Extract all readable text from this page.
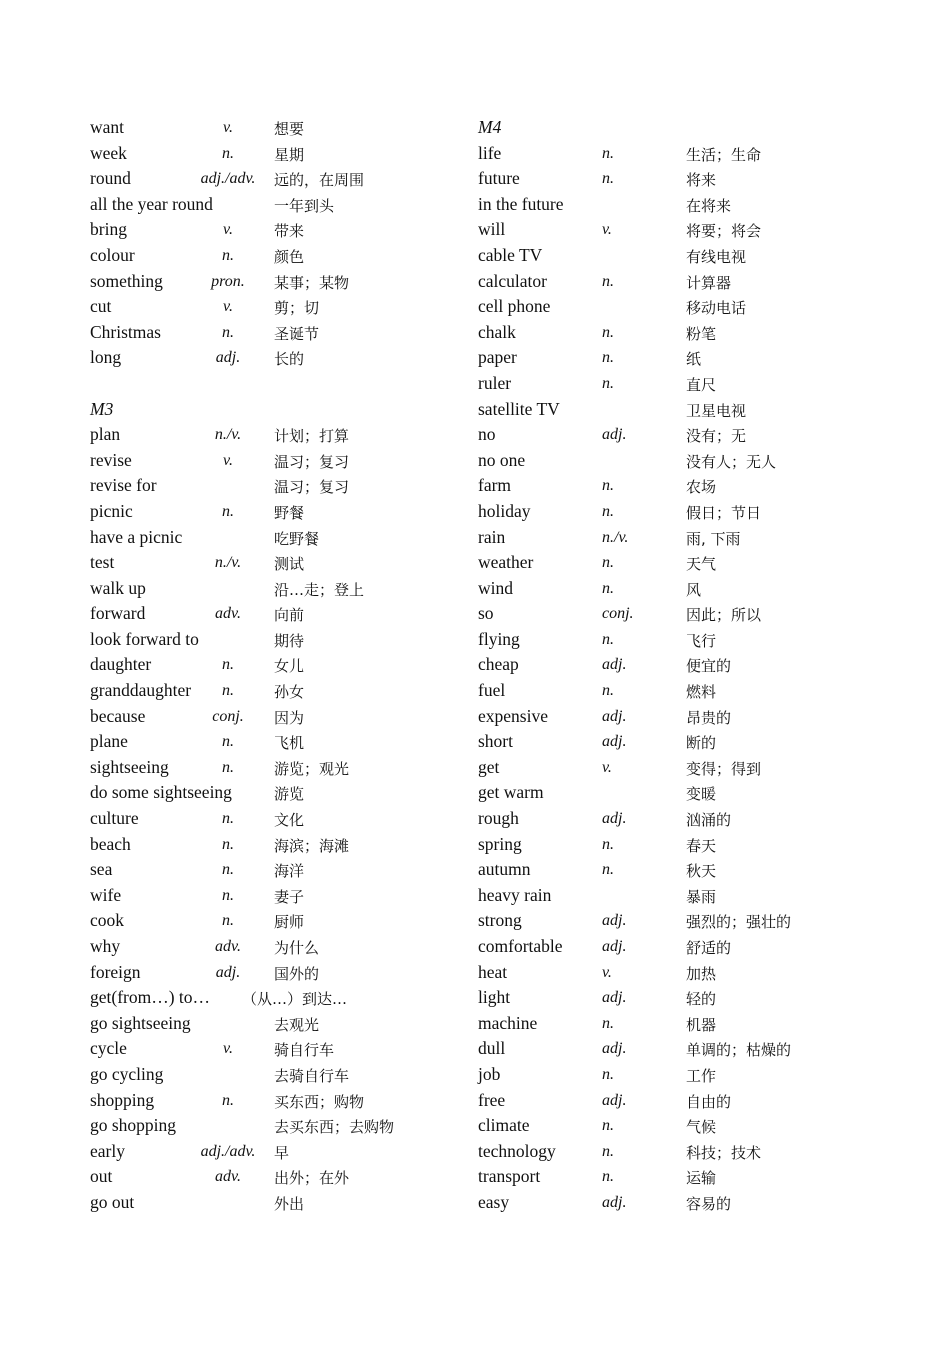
want	v.	想要
week	n.	星期
round	adj./adv. 远的，在周围
all the year round	一年到头
bring	v.	带来
colour	n.	颜色
something	pron.	某事；某物
cut	v.	剪；切
Christmas	n.	圣诞节
long	adj.	长的
M3
plan	n./v.	计划；打算
revise	v.	温习；复习
revise for	温习；复习
picnic	n.	野餐
have a picnic	吃野餐
test	n./v.	测试
walk up	沿…走；登上
forward	adv.	向前
look forward to	期待
daughter	n.	女儿
granddaughter	n.	孙女
because	conj.	因为
plane	n.	飞机
sightseeing	n.	游览；观光
do some sightseeing	游览
culture	n.	文化
beach	n.	海滨；海滩
sea	n.	海洋
wife	n.	妻子
cook	n.	厨师
why	adv.	为什么
foreign	adj.	国外的
get(from…) to… （从…）到达…
go sightseeing	去观光
cycle	v.	骑自行车
go cycling	去骑自行车
shopping	n.	买东西；购物
go shopping	去买东西；去购物
early	adj./adv. 早
out	adv.	出外；在外
go out	外出
M4
life	n.	生活；生命
future	n.	将来
in the future	在将来
will	v.	将要；将会
cable TV	有线电视
calculator	n.	计算器
cell phone	移动电话
chalk	n.	粉笔
paper	n.	纸
ruler	n.	直尺
satellite TV	卫星电视
no	adj.	没有；无
no one	没有人；无人
farm	n.	农场
holiday	n.	假日；节日
rain	n./v.	雨, 下雨
weather	n.	天气
wind	n.	风
so	conj.	因此；所以
flying	n.	飞行
cheap	adj.	便宜的
fuel	n.	燃料
expensive	adj.	昂贵的
short	adj.	断的
get	v.	变得；得到
get warm	变暖
rough	adj.	汹涌的
spring	n.	春天
autumn	n.	秋天
heavy rain	暴雨
strong	adj.	强烈的；强壮的
comfortable adj.	舒适的
heat	v.	加热
light	adj.	轻的
machine	n.	机器
dull	adj.	单调的；枯燥的
job	n.	工作
free	adj.	自由的
climate	n.	气候
technology	n.	科技；技术
transport	n.	运输
easy	adj.	容易的
